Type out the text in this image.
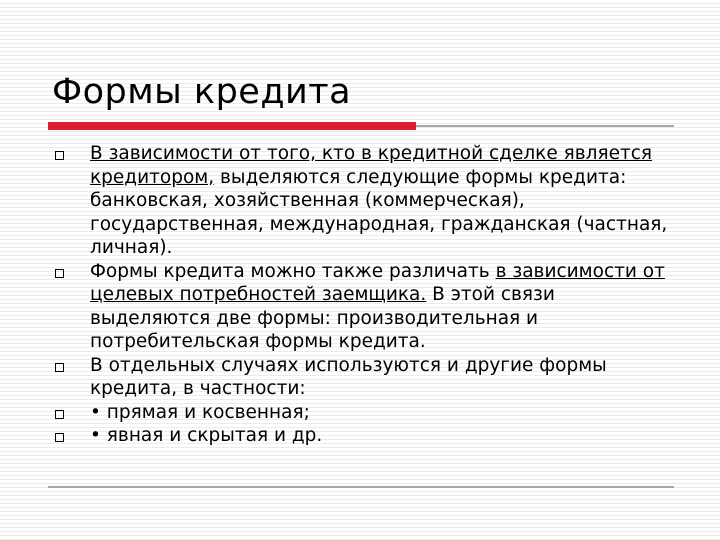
Формы кредита
В зависимости от того, кто в кредитной сделке является кредитором, выделяются следующие формы кредита: банковская, хозяйственная (коммерческая), государственная, международная, гражданская (частная, личная).
Формы кредита можно также различать в зависимости от целевых потребностей заемщика. В этой связи выделяются две формы: производительная и потребительская формы кредита.
В отдельных случаях используются и другие формы кредита, в частности:
• прямая и косвенная;
• явная и скрытая и др.
